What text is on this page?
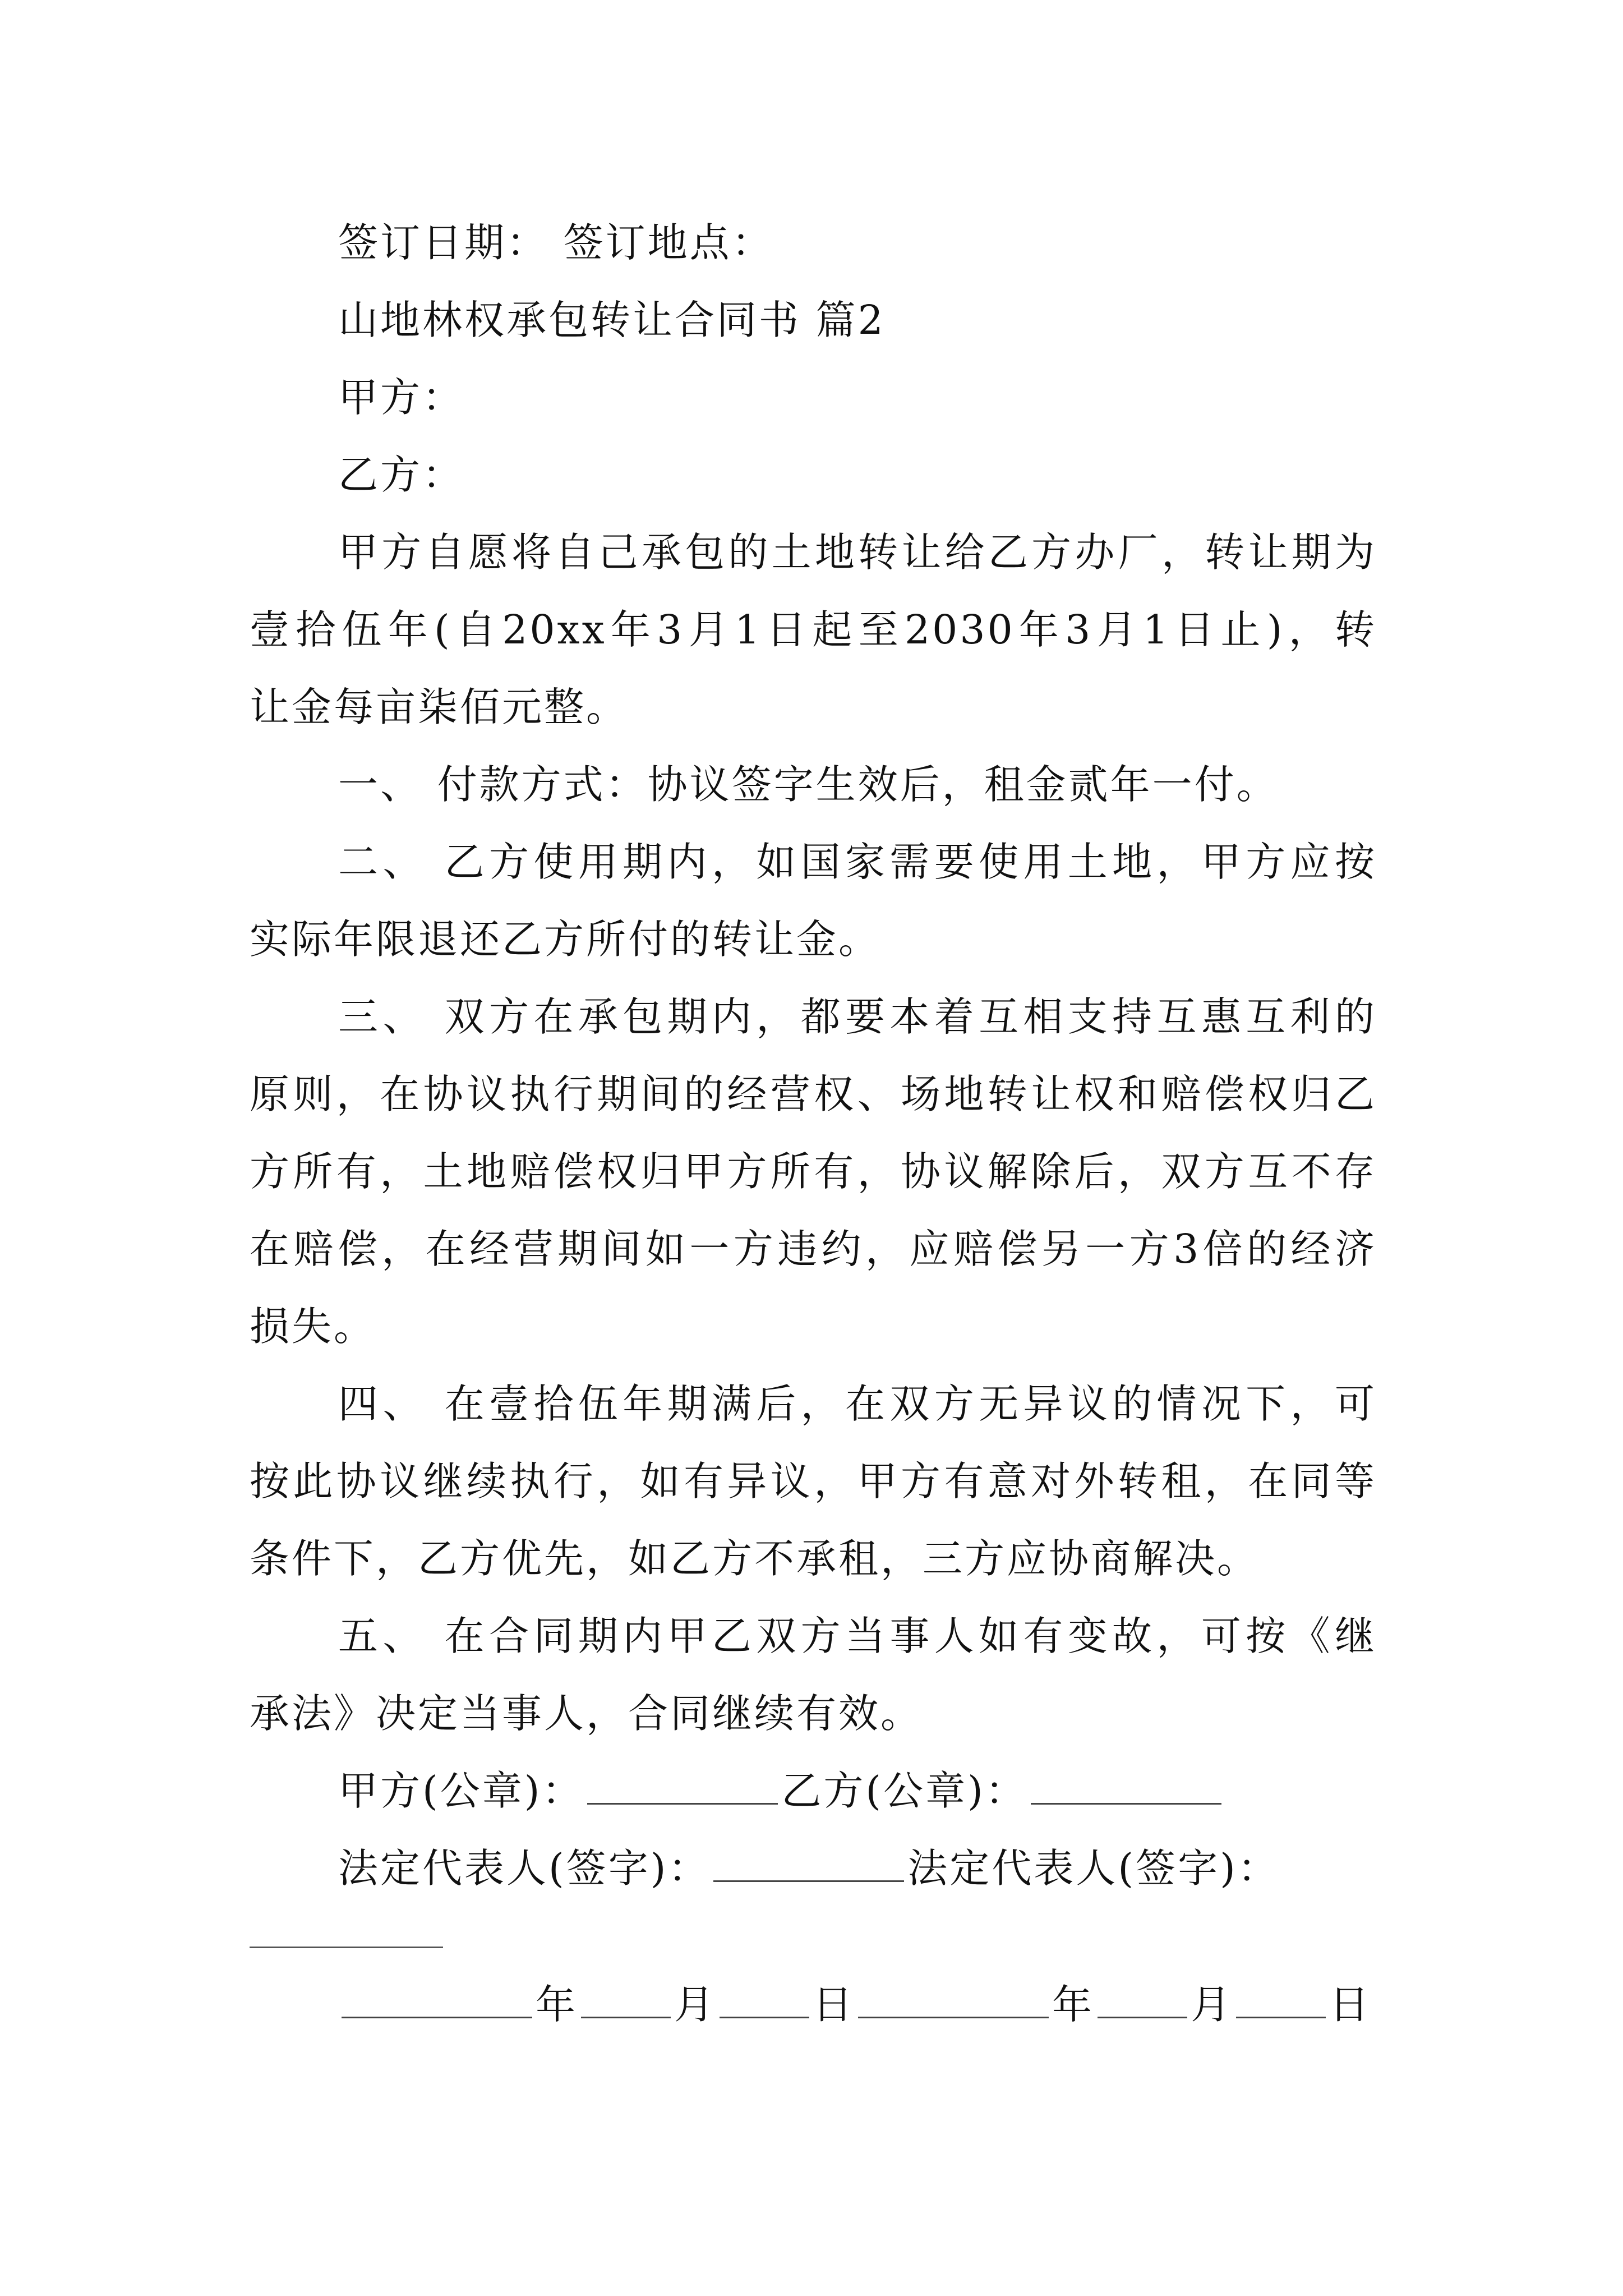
签订日期： 签订地点：
山地林权承包转让合同书 篇2
甲方：
乙方：
甲方自愿将自己承包的土地转让给乙方办厂，转让期为
壹拾伍年(自20xx年3月1日起至2030年3月1日止)，转
让金每亩柒佰元整。
一、 付款方式：协议签字生效后，租金贰年一付。
二、 乙方使用期内，如国家需要使用土地，甲方应按
实际年限退还乙方所付的转让金。
三、 双方在承包期内，都要本着互相支持互惠互利的
原则，在协议执行期间的经营权、场地转让权和赔偿权归乙
方所有，土地赔偿权归甲方所有，协议解除后，双方互不存
在赔偿，在经营期间如一方违约，应赔偿另一方3倍的经济
损失。
四、 在壹拾伍年期满后，在双方无异议的情况下，可
按此协议继续执行，如有异议，甲方有意对外转租，在同等
条件下，乙方优先，如乙方不承租，三方应协商解决。
五、 在合同期内甲乙双方当事人如有变故，可按《继
承法》决定当事人，合同继续有效。
甲方(公章)：	乙方(公章)：
法定代表人(签字)：	法定代表人(签字)：
年 月 日	年 月 日
